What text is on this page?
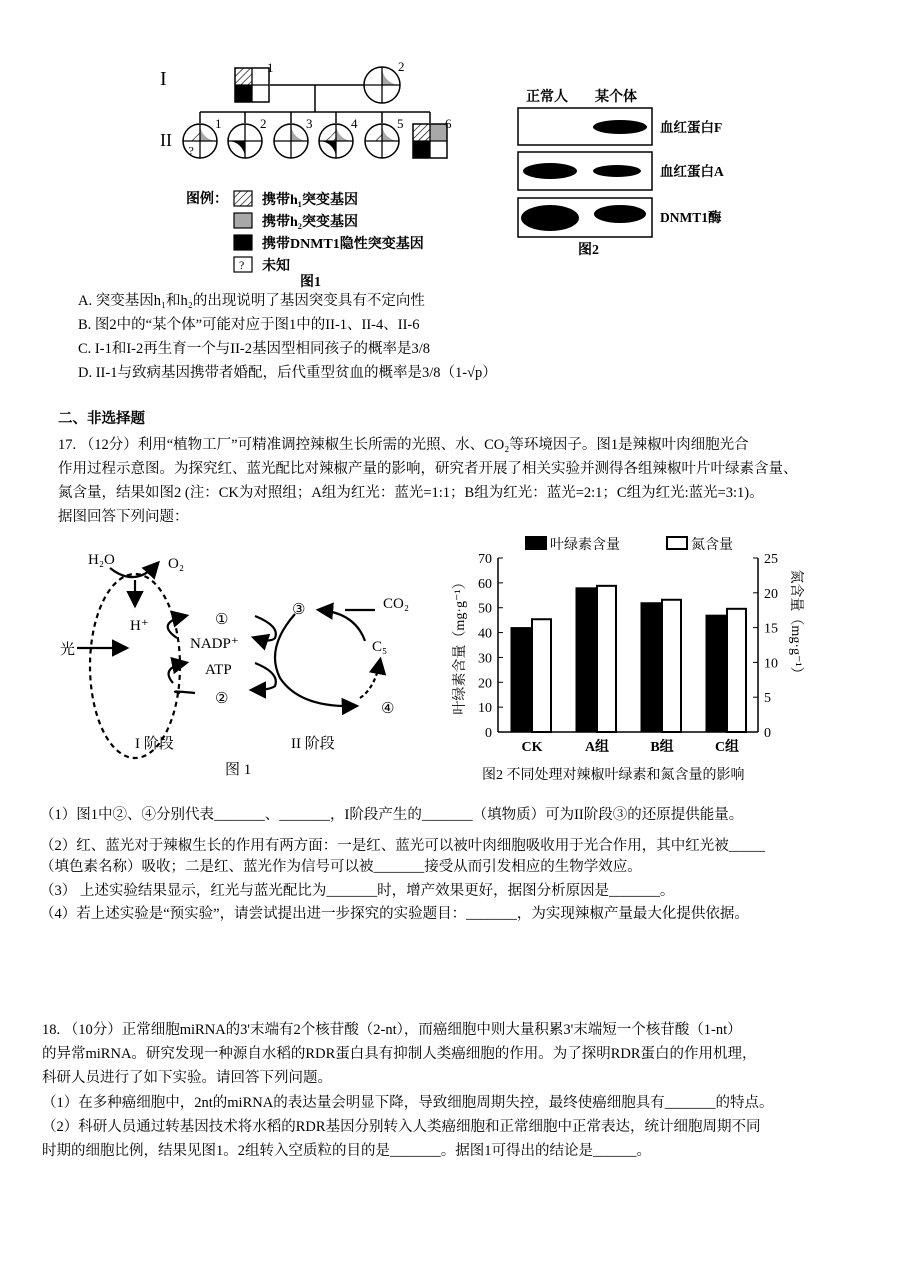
I
II
1	2
?
1	2	3	4	5	6
图例： 携带h₁突变基因
携带h₂突变基因
携带DNMT1隐性突变基因
? 未知
图1
正常人 某个体
血红蛋白F
血红蛋白A
DNMT1酶
图2
A. 突变基因h₁和h₂的出现说明了基因突变具有不定向性
B. 图2中的“某个体”可能对应于图1中的II-1、II-4、II-6
C. I-1和I-2再生育一个与II-2基因型相同孩子的概率是3/8
D. II-1与致病基因携带者婚配，后代重型贫血的概率是3/8（1-√p）
二、非选择题
17. （12分）利用“植物工厂”可精准调控辣椒生长所需的光照、水、CO₂等环境因子。图1是辣椒叶肉细胞光合
作用过程示意图。为探究红、蓝光配比对辣椒产量的影响，研究者开展了相关实验并测得各组辣椒叶片叶绿素含量、
氮含量，结果如图2 (注：CK为对照组；A组为红光：蓝光=1:1；B组为红光：蓝光=2:1；C组为红光:蓝光=3:1)。
据图回答下列问题：
H₂O	O₂
H⁺
光
①
NADP⁺
ATP
②
③	CO₂
C₅
④
I 阶段	II 阶段
图 1
0
10
20
30
40
50
60
70
0
5
10
15
20
25
CK	A组	B组	C组
叶绿素含量	氮含量
叶绿素含量（mg·g⁻¹）	氮含量（mg·g⁻¹）
图2 不同处理对辣椒叶绿素和氮含量的影响
（1）图1中②、④分别代表_______、_______，I阶段产生的_______（填物质）可为II阶段③的还原提供能量。
（2）红、蓝光对于辣椒生长的作用有两方面：一是红、蓝光可以被叶肉细胞吸收用于光合作用，其中红光被_____
（填色素名称）吸收；二是红、蓝光作为信号可以被_______接受从而引发相应的生物学效应。
（3） 上述实验结果显示，红光与蓝光配比为_______时，增产效果更好，据图分析原因是_______。
（4）若上述实验是“预实验”，请尝试提出进一步探究的实验题目：_______，为实现辣椒产量最大化提供依据。
18. （10分）正常细胞miRNA的3'末端有2个核苷酸（2-nt），而癌细胞中则大量积累3'末端短一个核苷酸（1-nt）
的异常miRNA。研究发现一种源自水稻的RDR蛋白具有抑制人类癌细胞的作用。为了探明RDR蛋白的作用机理，
科研人员进行了如下实验。请回答下列问题。
（1）在多种癌细胞中，2nt的miRNA的表达量会明显下降，导致细胞周期失控，最终使癌细胞具有_______的特点。
（2）科研人员通过转基因技术将水稻的RDR基因分别转入人类癌细胞和正常细胞中正常表达，统计细胞周期不同
时期的细胞比例，结果见图1。2组转入空质粒的目的是_______。据图1可得出的结论是______。
